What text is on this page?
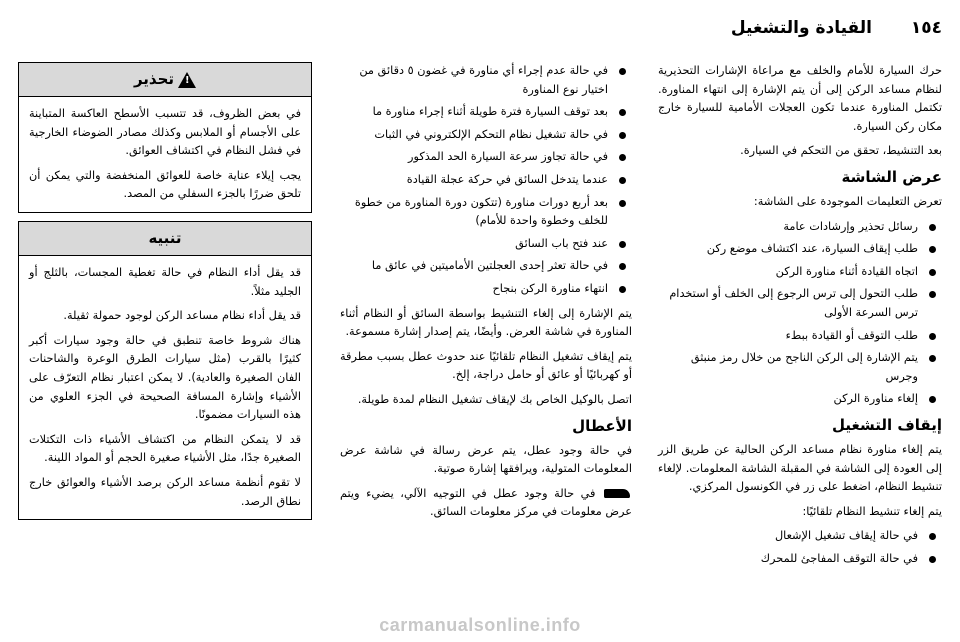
١٥٤
القيادة والتشغيل

حرك السيارة للأمام والخلف مع مراعاة الإشارات التحذيرية لنظام مساعد الركن إلى أن يتم الإشارة إلى انتهاء المناورة. تكتمل المناورة عندما تكون العجلات الأمامية للسيارة خارج مكان ركن السيارة.

بعد التنشيط، تحقق من التحكم في السيارة.

عرض الشاشة

تعرض التعليمات الموجودة على الشاشة:

رسائل تحذير وإرشادات عامة
طلب إيقاف السيارة، عند اكتشاف موضع ركن
اتجاه القيادة أثناء مناورة الركن
طلب التحول إلى ترس الرجوع إلى الخلف أو استخدام ترس السرعة الأولى
طلب التوقف أو القيادة ببطء
يتم الإشارة إلى الركن الناجح من خلال رمز منبثق وجرس
إلغاء مناورة الركن
إيقاف التشغيل

يتم إلغاء مناورة نظام مساعد الركن الحالية عن طريق الزر إلى العودة إلى الشاشة في المقبلة الشاشة المعلومات. لإلغاء تنشيط النظام، اضغط على زر في الكونسول المركزي.

يتم إلغاء تنشيط النظام تلقائيًا:

في حالة إيقاف تشغيل الإشعال
في حالة التوقف المفاجئ للمحرك
في حالة عدم إجراء أي مناورة في غضون ٥ دقائق من اختيار نوع المناورة
بعد توقف السيارة فترة طويلة أثناء إجراء مناورة ما
في حالة تشغيل نظام التحكم الإلكتروني في الثبات
في حالة تجاوز سرعة السيارة الحد المذكور
عندما يتدخل السائق في حركة عجلة القيادة
بعد أربع دورات مناورة (تتكون دورة المناورة من خطوة للخلف وخطوة واحدة للأمام)
عند فتح باب السائق
في حالة تعثر إحدى العجلتين الأماميتين في عائق ما
انتهاء مناورة الركن بنجاح

يتم الإشارة إلى إلغاء التنشيط بواسطة السائق أو النظام أثناء المناورة في شاشة العرض. وأيضًا، يتم إصدار إشارة مسموعة.

يتم إيقاف تشغيل النظام تلقائيًا عند حدوث عطل بسبب مطرقة أو كهربائيًا أو عائق أو حامل دراجة، إلخ.

اتصل بالوكيل الخاص بك لإيقاف تشغيل النظام لمدة طويلة.

الأعطال

في حالة وجود عطل، يتم عرض رسالة في شاشة عرض المعلومات المتولية، ويرافقها إشارة صوتية.

في حالة وجود عطل في التوجيه الآلي، يضيء ويتم عرض معلومات في مركز معلومات السائق.

!
تحذير

في بعض الظروف، قد تتسبب الأسطح العاكسة المتباينة على الأجسام أو الملابس وكذلك مصادر الضوضاء الخارجية في فشل النظام في اكتشاف العوائق.

يجب إيلاء عناية خاصة للعوائق المنخفضة والتي يمكن أن تلحق ضررًا بالجزء السفلي من المصد.

تنبيه

قد يقل أداء النظام في حالة تغطية المجسات، بالثلج أو الجليد مثلاً.

قد يقل أداء نظام مساعد الركن لوجود حمولة ثقيلة.

هناك شروط خاصة تنطبق في حالة وجود سيارات أكبر كثيرًا بالقرب (مثل سيارات الطرق الوعرة والشاحنات الفان الصغيرة والعادية). لا يمكن اعتبار نظام التعرّف على الأشياء وإشارة المسافة الصحيحة في الجزء العلوي من هذه السيارات مضمونًا.

قد لا يتمكن النظام من اكتشاف الأشياء ذات التكتلات الصغيرة جدًا، مثل الأشياء صغيرة الحجم أو المواد اللينة.

لا تقوم أنظمة مساعد الركن برصد الأشياء والعوائق خارج نطاق الرصد.

carmanualsonline.info
